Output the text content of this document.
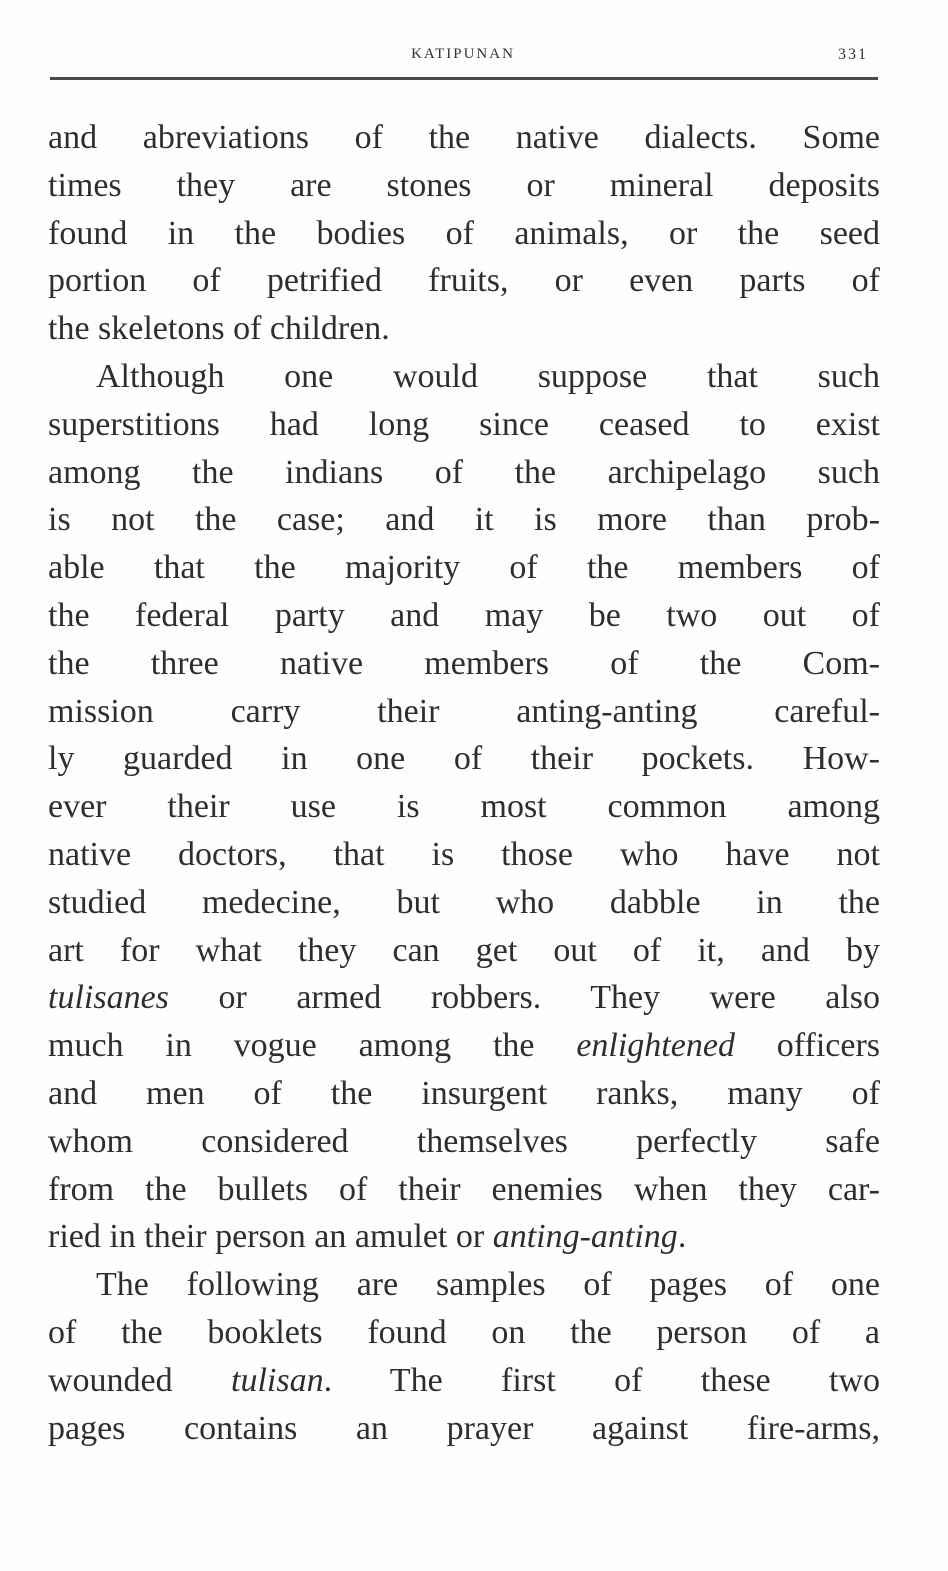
KATIPUNAN	331
and abreviations of the native dialects. Some
times they are stones or mineral deposits
found in the bodies of animals, or the seed
portion of petrified fruits, or even parts of
the skeletons of children.
Although one would suppose that such
superstitions had long since ceased to exist
among the indians of the archipelago such
is not the case; and it is more than prob-
able that the majority of the members of
the federal party and may be two out of
the three native members of the Com-
mission carry their anting-anting careful-
ly guarded in one of their pockets. How-
ever their use is most common among
native doctors, that is those who have not
studied medecine, but who dabble in the
art for what they can get out of it, and by
tulisanes or armed robbers. They were also
much in vogue among the enlightened officers
and men of the insurgent ranks, many of
whom considered themselves perfectly safe
from the bullets of their enemies when they car-
ried in their person an amulet or anting-anting.
The following are samples of pages of one
of the booklets found on the person of a
wounded tulisan. The first of these two
pages contains an prayer against fire-arms,
